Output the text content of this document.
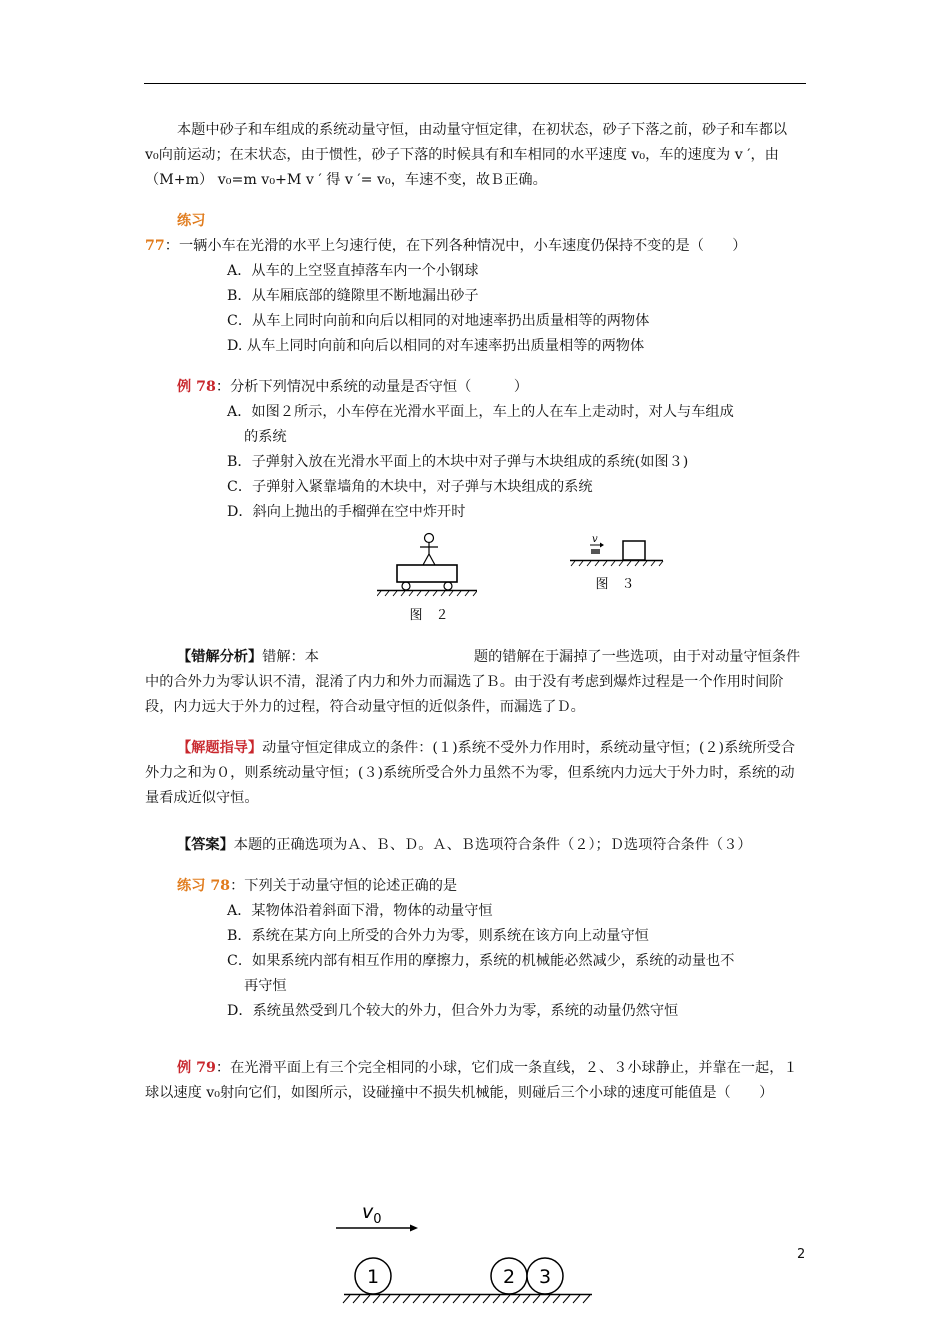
本题中砂子和车组成的系统动量守恒，由动量守恒定律，在初状态，砂子下落之前，砂子和车都以 v₀向前运动；在末状态，由于惯性，砂子下落的时候具有和车相同的水平速度 v₀，车的速度为 v ′，由（M+m） v₀=m v₀+M v ′ 得 v ′= v₀，车速不变，故Ｂ正确。

练习 77：一辆小车在光滑的水平上匀速行使，在下列各种情况中，小车速度仍保持不变的是（　　）

A．从车的上空竖直掉落车内一个小钢球

B．从车厢底部的缝隙里不断地漏出砂子

C．从车上同时向前和向后以相同的对地速率扔出质量相等的两物体

D. 从车上同时向前和向后以相同的对车速率扔出质量相等的两物体

例 78：分析下列情况中系统的动量是否守恒（　　　）

A．如图２所示，小车停在光滑水平面上，车上的人在车上走动时，对人与车组成

的系统

B．子弹射入放在光滑水平面上的木块中对子弹与木块组成的系统(如图３)

C．子弹射入紧靠墙角的木块中，对子弹与木块组成的系统

D．斜向上抛出的手榴弹在空中炸开时

图　２
v
图　３

【错解分析】错解：本	题的错解在于漏掉了一些选项，由于对动量守恒条件中的合外力为零认识不清，混淆了内力和外力而漏选了Ｂ。由于没有考虑到爆炸过程是一个作用时间阶段，内力远大于外力的过程，符合动量守恒的近似条件，而漏选了Ｄ。

【解题指导】动量守恒定律成立的条件：(１)系统不受外力作用时，系统动量守恒；(２)系统所受合外力之和为０，则系统动量守恒；(３)系统所受合外力虽然不为零，但系统内力远大于外力时，系统的动量看成近似守恒。

【答案】本题的正确选项为Ａ、Ｂ、Ｄ。Ａ、Ｂ选项符合条件（２）；Ｄ选项符合条件（３）

练习 78：下列关于动量守恒的论述正确的是

A．某物体沿着斜面下滑，物体的动量守恒

B．系统在某方向上所受的合外力为零，则系统在该方向上动量守恒

C．如果系统内部有相互作用的摩擦力，系统的机械能必然减少，系统的动量也不

再守恒

D．系统虽然受到几个较大的外力，但合外力为零，系统的动量仍然守恒

例 79：在光滑平面上有三个完全相同的小球，它们成一条直线，２、３小球静止，并靠在一起，１球以速度 v₀射向它们，如图所示，设碰撞中不损失机械能，则碰后三个小球的速度可能值是（　　）

$v_0$
1	2 3
2
